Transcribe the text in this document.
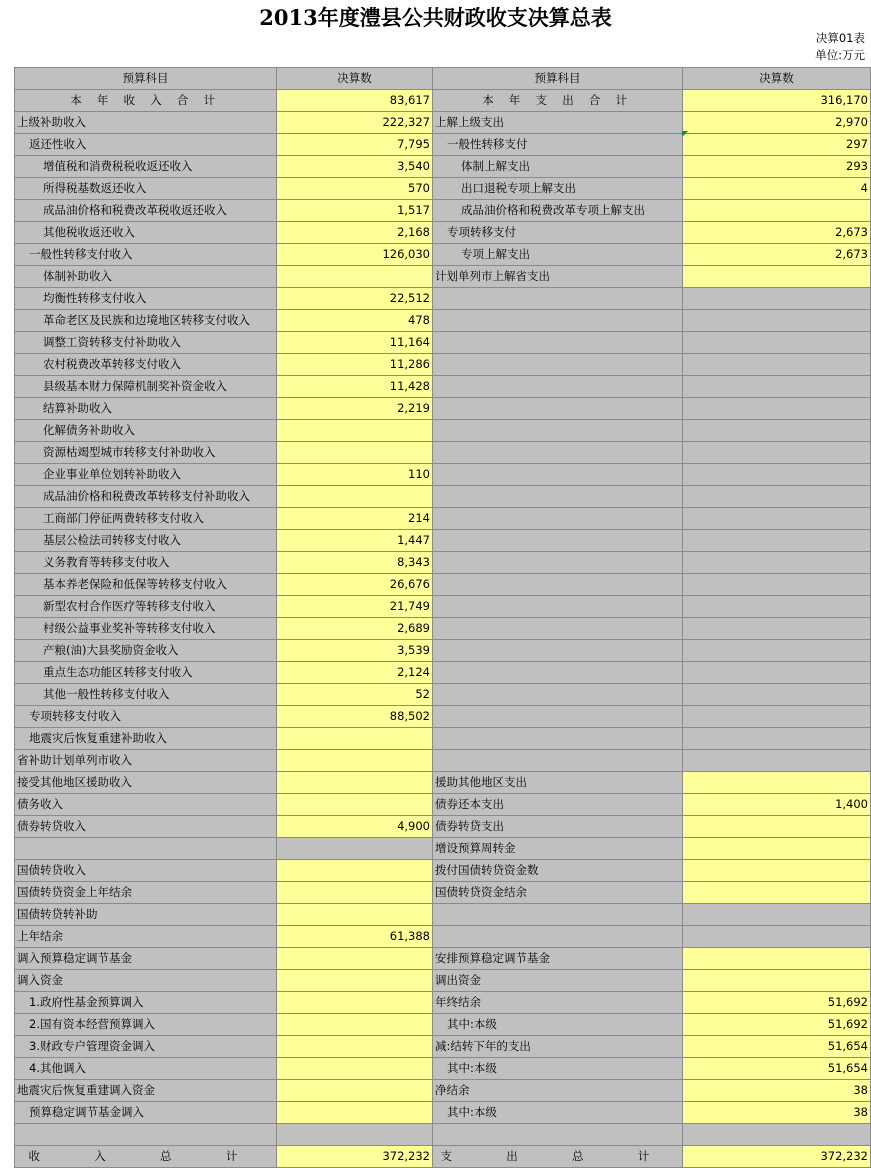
2013年度澧县公共财政收支决算总表
决算01表
单位:万元
预算科目	决算数	预算科目	决算数
本 年 收 入 合 计	83,617	本 年 支 出 合 计	316,170
上级补助收入	222,327	上解上级支出	2,970
返还性收入	7,795	一般性转移支付	297
增值税和消费税税收返还收入	3,540	体制上解支出	293
所得税基数返还收入	570	出口退税专项上解支出	4
成品油价格和税费改革税收返还收入	1,517	成品油价格和税费改革专项上解支出	
其他税收返还收入	2,168	专项转移支付	2,673
一般性转移支付收入	126,030	专项上解支出	2,673
体制补助收入		计划单列市上解省支出	
均衡性转移支付收入	22,512		
革命老区及民族和边境地区转移支付收入	478		
调整工资转移支付补助收入	11,164		
农村税费改革转移支付收入	11,286		
县级基本财力保障机制奖补资金收入	11,428		
结算补助收入	2,219		
化解债务补助收入			
资源枯竭型城市转移支付补助收入			
企业事业单位划转补助收入	110		
成品油价格和税费改革转移支付补助收入			
工商部门停征两费转移支付收入	214		
基层公检法司转移支付收入	1,447		
义务教育等转移支付收入	8,343		
基本养老保险和低保等转移支付收入	26,676		
新型农村合作医疗等转移支付收入	21,749		
村级公益事业奖补等转移支付收入	2,689		
产粮(油)大县奖励资金收入	3,539		
重点生态功能区转移支付收入	2,124		
其他一般性转移支付收入	52		
专项转移支付收入	88,502		
地震灾后恢复重建补助收入			
省补助计划单列市收入			
接受其他地区援助收入		援助其他地区支出	
债务收入		债券还本支出	1,400
债券转贷收入	4,900	债券转贷支出	
		增设预算周转金	
国债转贷收入		拨付国债转贷资金数	
国债转贷资金上年结余		国债转贷资金结余	
国债转贷转补助			
上年结余	61,388		
调入预算稳定调节基金		安排预算稳定调节基金	
调入资金		调出资金	
1.政府性基金预算调入		年终结余	51,692
2.国有资本经营预算调入		其中:本级	51,692
3.财政专户管理资金调入		减:结转下年的支出	51,654
4.其他调入		其中:本级	51,654
地震灾后恢复重建调入资金		净结余	38
预算稳定调节基金调入		其中:本级	38

收 入 总 计	372,232	支 出 总 计	372,232
